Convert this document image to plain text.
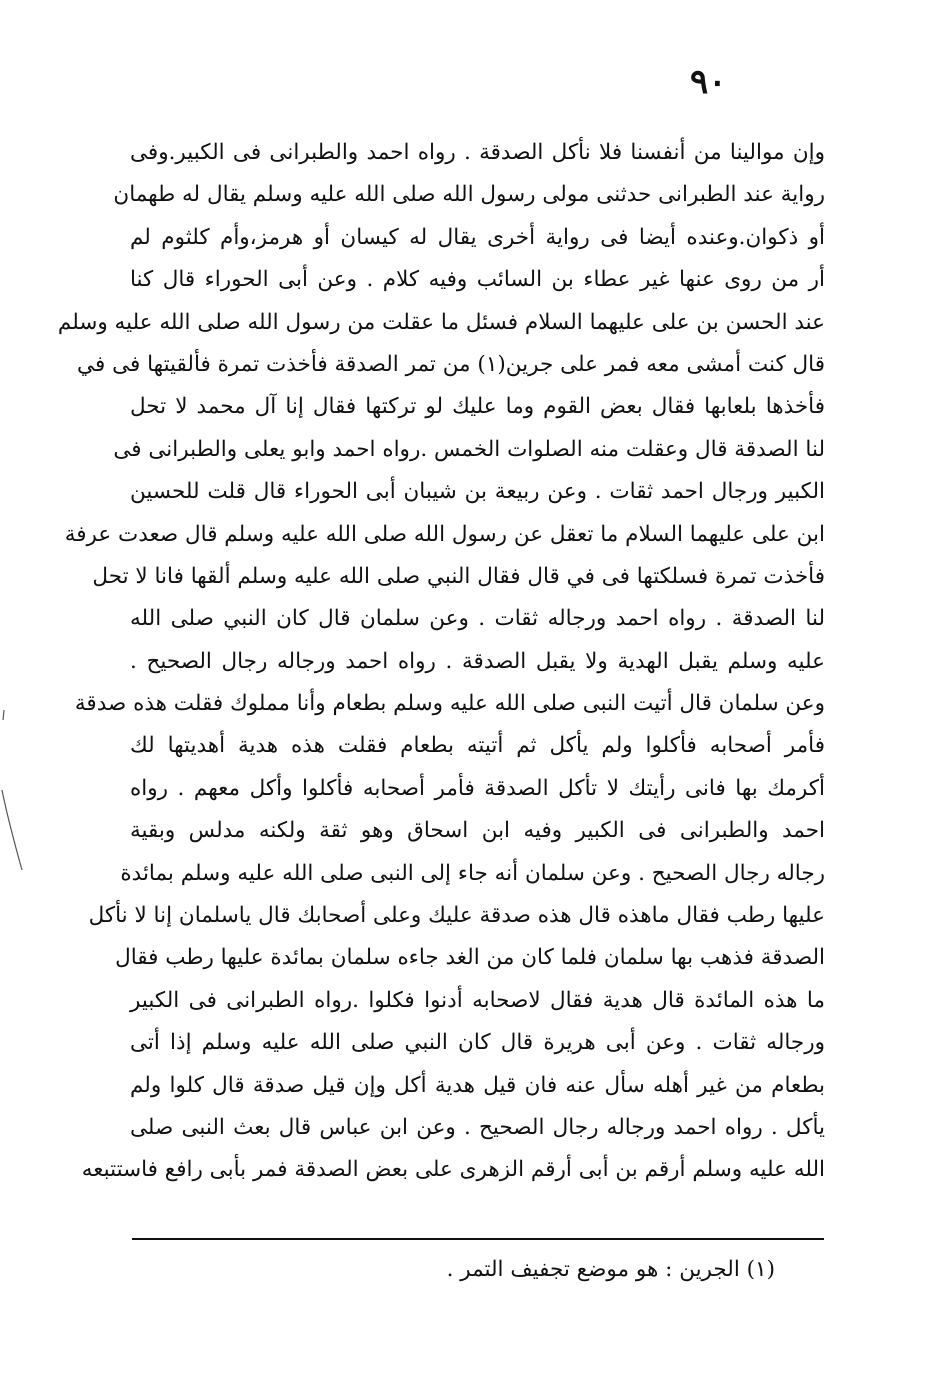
٩٠
وإن موالينا من أنفسنا فلا نأكل الصدقة . رواه احمد والطبرانى فى الكبير.وفى
رواية عند الطبرانى حدثنى مولى رسول الله صلى الله عليه وسلم يقال له طهمان
أو ذكوان.وعنده أيضا فى رواية أخرى يقال له كيسان أو هرمز،وأم كلثوم لم
أر من روى عنها غير عطاء بن السائب وفيه كلام . وعن أبى الحوراء قال كنا
عند الحسن بن على عليهما السلام فسئل ما عقلت من رسول الله صلى الله عليه وسلم
قال كنت أمشى معه فمر على جرين(١) من تمر الصدقة فأخذت تمرة فألقيتها فى في
فأخذها بلعابها فقال بعض القوم وما عليك لو تركتها فقال إنا آل محمد لا تحل
لنا الصدقة قال وعقلت منه الصلوات الخمس .رواه احمد وابو يعلى والطبرانى فى
الكبير ورجال احمد ثقات . وعن ربيعة بن شيبان أبى الحوراء قال قلت للحسين
ابن على عليهما السلام ما تعقل عن رسول الله صلى الله عليه وسلم قال صعدت عرفة
فأخذت تمرة فسلكتها فى في قال فقال النبي صلى الله عليه وسلم ألقها فانا لا تحل
لنا الصدقة . رواه احمد ورجاله ثقات . وعن سلمان قال كان النبي صلى الله
عليه وسلم يقبل الهدية ولا يقبل الصدقة . رواه احمد ورجاله رجال الصحيح .
وعن سلمان قال أتيت النبى صلى الله عليه وسلم بطعام وأنا مملوك فقلت هذه صدقة
فأمر أصحابه فأكلوا ولم يأكل ثم أتيته بطعام فقلت هذه هدية أهديتها لك
أكرمك بها فانى رأيتك لا تأكل الصدقة فأمر أصحابه فأكلوا وأكل معهم . رواه
احمد والطبرانى فى الكبير وفيه ابن اسحاق وهو ثقة ولكنه مدلس وبقية
رجاله رجال الصحيح . وعن سلمان أنه جاء إلى النبى صلى الله عليه وسلم بمائدة
عليها رطب فقال ماهذه قال هذه صدقة عليك وعلى أصحابك قال ياسلمان إنا لا نأكل
الصدقة فذهب بها سلمان فلما كان من الغد جاءه سلمان بمائدة عليها رطب فقال
ما هذه المائدة قال هدية فقال لاصحابه أدنوا فكلوا .رواه الطبرانى فى الكبير
ورجاله ثقات . وعن أبى هريرة قال كان النبي صلى الله عليه وسلم إذا أتى
بطعام من غير أهله سأل عنه فان قيل هدية أكل وإن قيل صدقة قال كلوا ولم
يأكل . رواه احمد ورجاله رجال الصحيح . وعن ابن عباس قال بعث النبى صلى
الله عليه وسلم أرقم بن أبى أرقم الزهرى على بعض الصدقة فمر بأبى رافع فاستتبعه
(١) الجرين : هو موضع تجفيف التمر .
